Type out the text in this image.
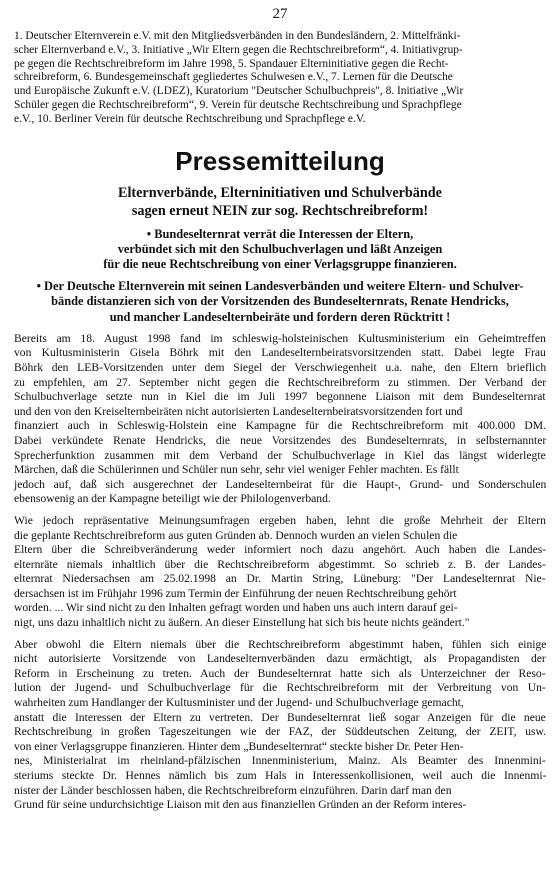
27
1. Deutscher Elternverein e.V. mit den Mitgliedsverbänden in den Bundesländern, 2. Mittelfränki-
scher Elternverband e.V., 3. Initiative „Wir Eltern gegen die Rechtschreibreform“, 4. Initiativgrup-
pe gegen die Rechtschreibreform im Jahre 1998, 5. Spandauer Elterninitiative gegen die Recht-
schreibreform, 6. Bundesgemeinschaft gegliedertes Schulwesen e.V., 7. Lernen für die Deutsche
und Europäische Zukunft e.V. (LDEZ), Kuratorium "Deutscher Schulbuchpreis", 8. Initiative „Wir
Schüler gegen die Rechtschreibreform“, 9. Verein für deutsche Rechtschreibung und Sprachpflege
e.V., 10. Berliner Verein für deutsche Rechtschreibung und Sprachpflege e.V.
Pressemitteilung
Elternverbände, Elterninitiativen und Schulverbände
sagen erneut NEIN zur sog. Rechtschreibreform!
• Bundeselternrat verrät die Interessen der Eltern,
verbündet sich mit den Schulbuchverlagen und läßt Anzeigen
für die neue Rechtschreibung von einer Verlagsgruppe finanzieren.
• Der Deutsche Elternverein mit seinen Landesverbänden und weitere Eltern- und Schulver-
bände distanzieren sich von der Vorsitzenden des Bundeselternrats, Renate Hendricks,
und mancher Landeselternbeiräte und fordern deren Rücktritt !
Bereits am 18. August 1998 fand im schleswig-holsteinischen Kultusministerium ein Geheimtreffen
von Kultusministerin Gisela Böhrk mit den Landeselternbeiratsvorsitzenden statt. Dabei legte Frau
Böhrk den LEB-Vorsitzenden unter dem Siegel der Verschwiegenheit u.a. nahe, den Eltern brieflich
zu empfehlen, am 27. September nicht gegen die Rechtschreibreform zu stimmen. Der Verband der
Schulbuchverlage setzte nun in Kiel die im Juli 1997 begonnene Liaison mit dem Bundeselternrat
und den von den Kreiselternbeiräten nicht autorisierten Landeselternbeiratsvorsitzenden fort und
finanziert auch in Schleswig-Holstein eine Kampagne für die Rechtschreibreform mit 400.000 DM.
Dabei verkündete Renate Hendricks, die neue Vorsitzendes des Bundeselternrats, in selbsternannter
Sprecherfunktion zusammen mit dem Verband der Schulbuchverlage in Kiel das längst widerlegte
Märchen, daß die Schülerinnen und Schüler nun sehr, sehr viel weniger Fehler machten. Es fällt
jedoch auf, daß sich ausgerechnet der Landeselternbeirat für die Haupt-, Grund- und Sonderschulen
ebensowenig an der Kampagne beteiligt wie der Philologenverband.
Wie jedoch repräsentative Meinungsumfragen ergeben haben, lehnt die große Mehrheit der Eltern
die geplante Rechtschreibreform aus guten Gründen ab. Dennoch wurden an vielen Schulen die
Eltern über die Schreibveränderung weder informiert noch dazu angehört. Auch haben die Landes-
elternräte niemals inhaltlich über die Rechtschreibreform abgestimmt. So schrieb z. B. der Landes-
elternrat Niedersachsen am 25.02.1998 an Dr. Martin String, Lüneburg: "Der Landeselternrat Nie-
dersachsen ist im Frühjahr 1996 zum Termin der Einführung der neuen Rechtschreibung gehört
worden. ... Wir sind nicht zu den Inhalten gefragt worden und haben uns auch intern darauf gei-
nigt, uns dazu inhaltlich nicht zu äußern. An dieser Einstellung hat sich bis heute nichts geändert."
Aber obwohl die Eltern niemals über die Rechtschreibreform abgestimmt haben, fühlen sich einige
nicht autorisierte Vorsitzende von Landeselternverbänden dazu ermächtigt, als Propagandisten der
Reform in Erscheinung zu treten. Auch der Bundeselternrat hatte sich als Unterzeichner der Reso-
lution der Jugend- und Schulbuchverlage für die Rechtschreibreform mit der Verbreitung von Un-
wahrheiten zum Handlanger der Kultusminister und der Jugend- und Schulbuchverlage gemacht,
anstatt die Interessen der Eltern zu vertreten. Der Bundeselternrat ließ sogar Anzeigen für die neue
Rechtschreibung in großen Tageszeitungen wie der FAZ, der Süddeutschen Zeitung, der ZEIT, usw.
von einer Verlagsgruppe finanzieren. Hinter dem „Bundeselternrat“ steckte bisher Dr. Peter Hen-
nes, Ministerialrat im rheinland-pfälzischen Innenministerium, Mainz. Als Beamter des Innenmini-
steriums steckte Dr. Hennes nämlich bis zum Hals in Interessenkollisionen, weil auch die Innenmi-
nister der Länder beschlossen haben, die Rechtschreibreform einzuführen. Darin darf man den
Grund für seine undurchsichtige Liaison mit den aus finanziellen Gründen an der Reform interes-
